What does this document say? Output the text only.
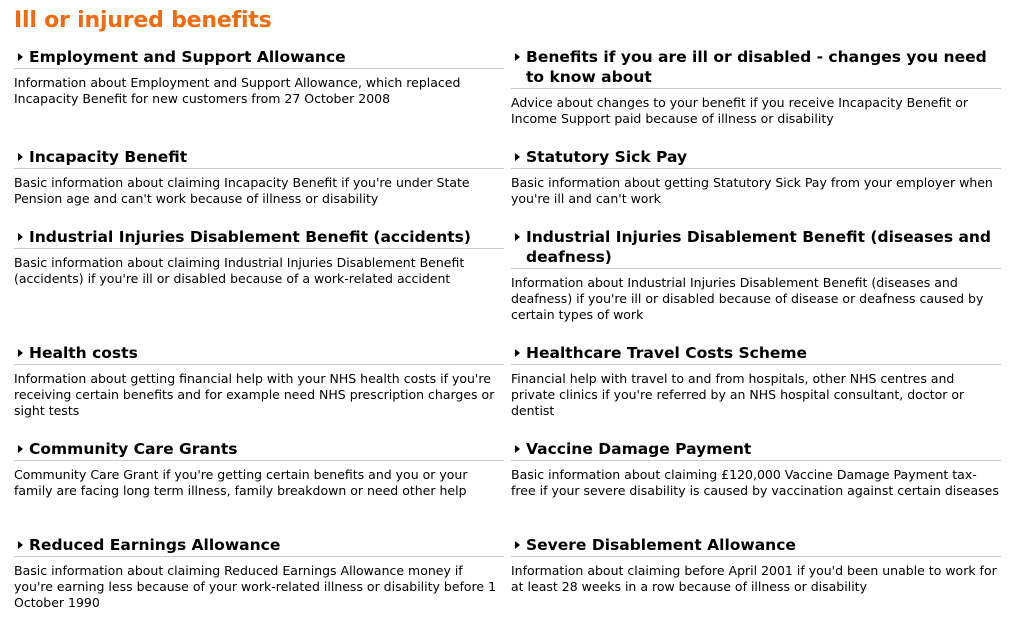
Ill or injured benefits
Employment and Support Allowance

Information about Employment and Support Allowance, which replaced Incapacity Benefit for new customers from 27 October 2008

Benefits if you are ill or disabled - changes you need to know about

Advice about changes to your benefit if you receive Incapacity Benefit or Income Support paid because of illness or disability

Incapacity Benefit

Basic information about claiming Incapacity Benefit if you're under State Pension age and can't work because of illness or disability

Statutory Sick Pay

Basic information about getting Statutory Sick Pay from your employer when you're ill and can't work

Industrial Injuries Disablement Benefit (accidents)

Basic information about claiming Industrial Injuries Disablement Benefit (accidents) if you're ill or disabled because of a work-related accident

Industrial Injuries Disablement Benefit (diseases and deafness)

Information about Industrial Injuries Disablement Benefit (diseases and deafness) if you're ill or disabled because of disease or deafness caused by certain types of work

Health costs

Information about getting financial help with your NHS health costs if you're receiving certain benefits and for example need NHS prescription charges or sight tests

Healthcare Travel Costs Scheme

Financial help with travel to and from hospitals, other NHS centres and private clinics if you're referred by an NHS hospital consultant, doctor or dentist

Community Care Grants

Community Care Grant if you're getting certain benefits and you or your family are facing long term illness, family breakdown or need other help

Vaccine Damage Payment

Basic information about claiming £120,000 Vaccine Damage Payment tax-free if your severe disability is caused by vaccination against certain diseases

Reduced Earnings Allowance

Basic information about claiming Reduced Earnings Allowance money if you're earning less because of your work-related illness or disability before 1 October 1990

Severe Disablement Allowance

Information about claiming before April 2001 if you'd been unable to work for at least 28 weeks in a row because of illness or disability
